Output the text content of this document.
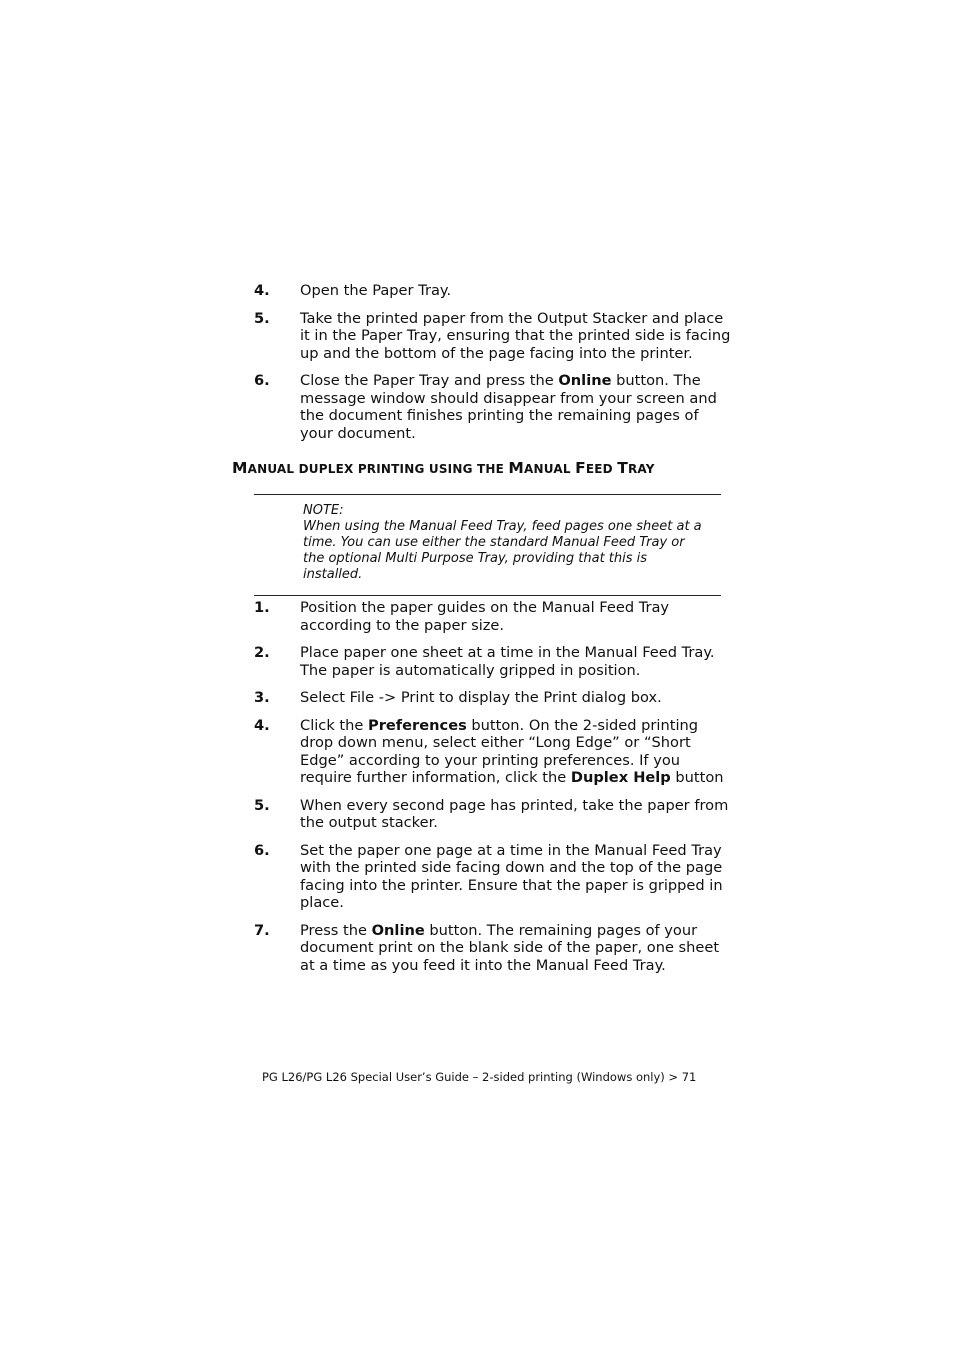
4.	Open the Paper Tray.
5.	Take the printed paper from the Output Stacker and place it in the Paper Tray, ensuring that the printed side is facing up and the bottom of the page facing into the printer.
6.	Close the Paper Tray and press the Online button. The message window should disappear from your screen and the document finishes printing the remaining pages of your document.
MANUAL DUPLEX PRINTING USING THE MANUAL FEED TRAY
NOTE:
When using the Manual Feed Tray, feed pages one sheet at a
time. You can use either the standard Manual Feed Tray or
the optional Multi Purpose Tray, providing that this is
installed.
1.	Position the paper guides on the Manual Feed Tray according to the paper size.
2.	Place paper one sheet at a time in the Manual Feed Tray. The paper is automatically gripped in position.
3.	Select File -> Print to display the Print dialog box.
4.	Click the Preferences button. On the 2-sided printing drop down menu, select either “Long Edge” or “Short Edge” according to your printing preferences. If you require further information, click the Duplex Help button
5.	When every second page has printed, take the paper from the output stacker.
6.	Set the paper one page at a time in the Manual Feed Tray with the printed side facing down and the top of the page facing into the printer. Ensure that the paper is gripped in place.
7.	Press the Online button. The remaining pages of your document print on the blank side of the paper, one sheet at a time as you feed it into the Manual Feed Tray.
PG L26/PG L26 Special User’s Guide – 2-sided printing (Windows only) > 71
